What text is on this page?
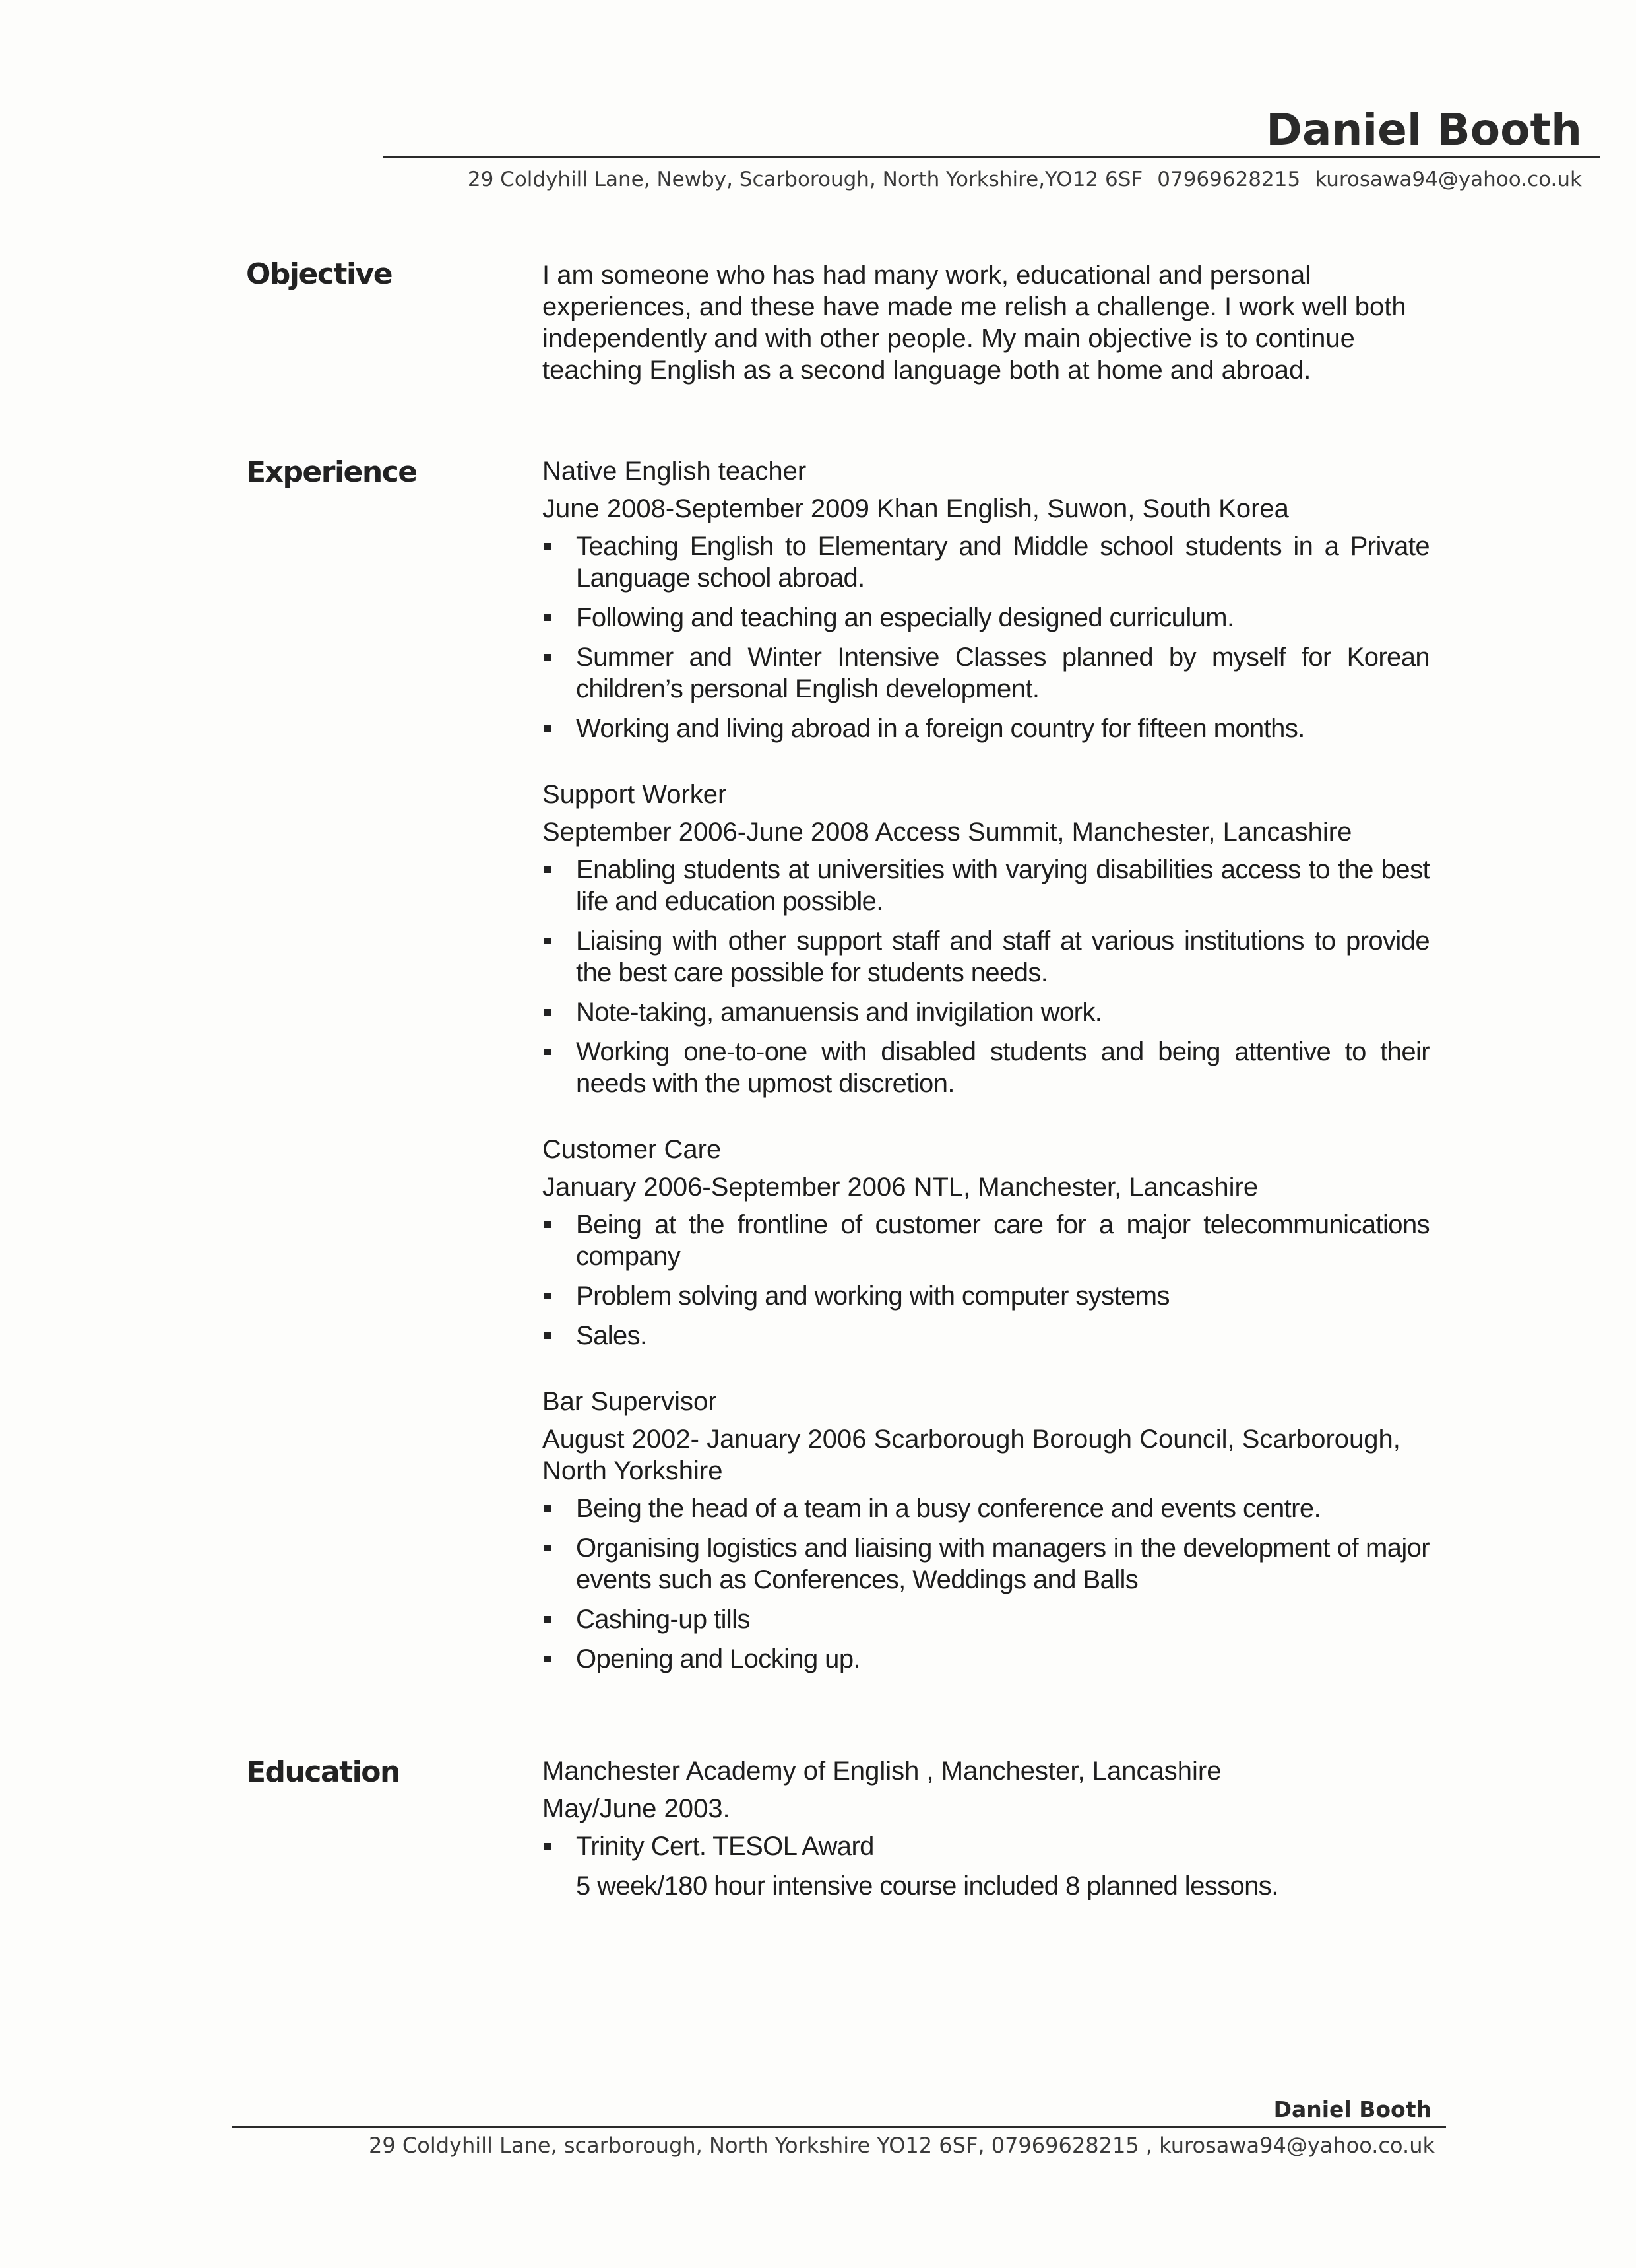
Daniel Booth
29 Coldyhill Lane, Newby, Scarborough, North Yorkshire,YO12 6SF 07969628215 kurosawa94@yahoo.co.uk
Objective	I am someone who has had many work, educational and personal experiences, and these have made me relish a challenge. I work well both independently and with other people. My main objective is to continue teaching English as a second language both at home and abroad.

Experience	Native English teacher

June 2008-September 2009 Khan English, Suwon, South Korea

Teaching English to Elementary and Middle school students in a Private Language school abroad.
Following and teaching an especially designed curriculum.
Summer and Winter Intensive Classes planned by myself for Korean children’s personal English development.
Working and living abroad in a foreign country for fifteen months.

Support Worker

September 2006-June 2008 Access Summit, Manchester, Lancashire

Enabling students at universities with varying disabilities access to the best life and education possible.
Liaising with other support staff and staff at various institutions to provide the best care possible for students needs.
Note-taking, amanuensis and invigilation work.
Working one-to-one with disabled students and being attentive to their needs with the upmost discretion.

Customer Care

January 2006-September 2006 NTL, Manchester, Lancashire

Being at the frontline of customer care for a major telecommunications company
Problem solving and working with computer systems
Sales.

Bar Supervisor

August 2002- January 2006 Scarborough Borough Council, Scarborough, North Yorkshire

Being the head of a team in a busy conference and events centre.
Organising logistics and liaising with managers in the development of major events such as Conferences, Weddings and Balls
Cashing-up tills
Opening and Locking up.
Education	Manchester Academy of English , Manchester, Lancashire

May/June 2003.

Trinity Cert. TESOL Award
5 week/180 hour intensive course included 8 planned lessons.
Daniel Booth
29 Coldyhill Lane, scarborough, North Yorkshire YO12 6SF, 07969628215 , kurosawa94@yahoo.co.uk
